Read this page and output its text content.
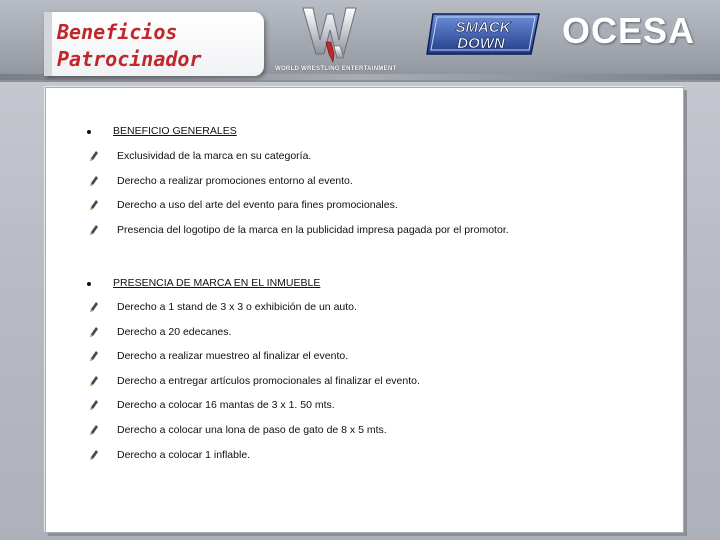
Beneficios
Patrocinador	WORLD WRESTLING ENTERTAINMENT
SMACK
DOWN OCESA
BENEFICIO GENERALES
Exclusividad de la marca en su categoría.
Derecho a realizar promociones entorno al evento.
Derecho a uso del arte del evento para fines promocionales.
Presencia del logotipo de la marca en la publicidad impresa pagada por el promotor.
PRESENCIA DE MARCA EN EL INMUEBLE
Derecho a 1 stand de 3 x 3 o exhibición de un auto.
Derecho a 20 edecanes.
Derecho a realizar muestreo al finalizar el evento.
Derecho a entregar artículos promocionales al finalizar el evento.
Derecho a colocar 16 mantas de 3 x 1. 50 mts.
Derecho a colocar una lona de paso de gato de 8 x 5 mts.
Derecho a colocar 1 inflable.
